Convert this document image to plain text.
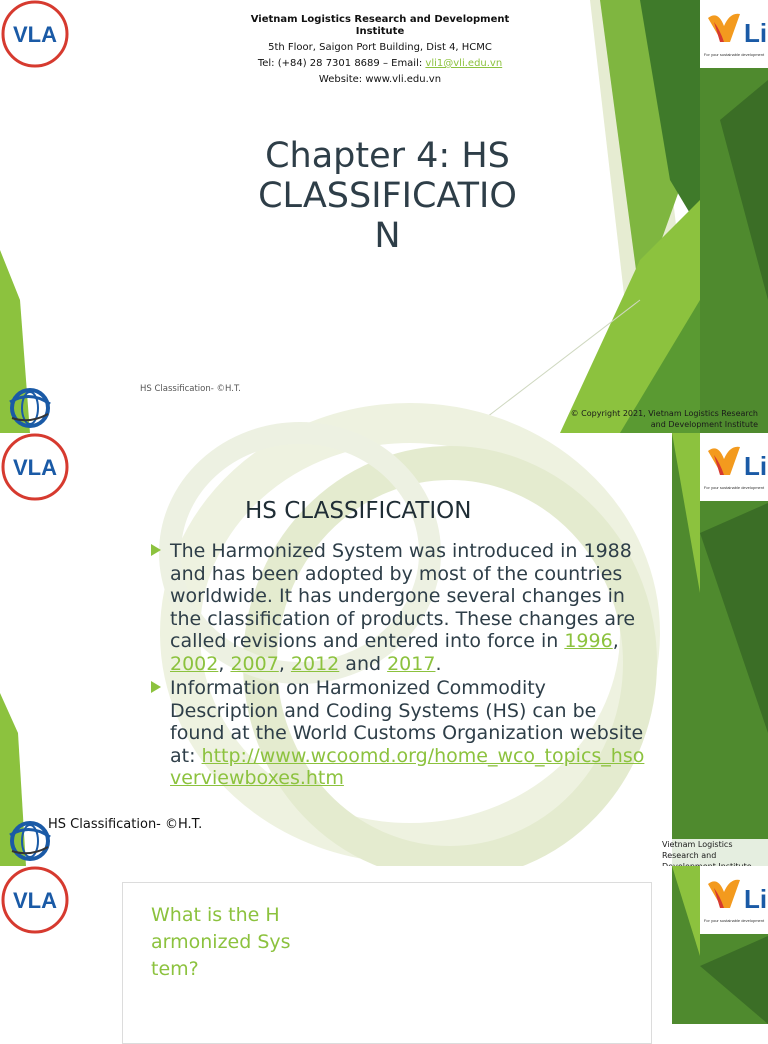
VLA	Li
For your sustainable development
Vietnam Logistics Research and Development Institute
5th Floor, Saigon Port Building, Dist 4, HCMC
Tel: (+84) 28 7301 8689 – Email: vli1@vli.edu.vn
Website: www.vli.edu.vn
Chapter 4: HS CLASSIFICATION
HS Classification- ©H.T.
© Copyright 2021, Vietnam Logistics Research and Development Institute
VLA	Li
For your sustainable development
HS CLASSIFICATION
The Harmonized System was introduced in 1988 and has been adopted by most of the countries worldwide. It has undergone several changes in the classification of products. These changes are called revisions and entered into force in 1996, 2002, 2007, 2012 and 2017.
Information on Harmonized Commodity Description and Coding Systems (HS) can be found at the World Customs Organization website at: http://www.wcoomd.org/home_wco_topics_hsoverviewboxes.htm
HS Classification- ©H.T.
Vietnam Logistics Research and
VLA	Li
For your sustainable development
What is the Harmonized System?
